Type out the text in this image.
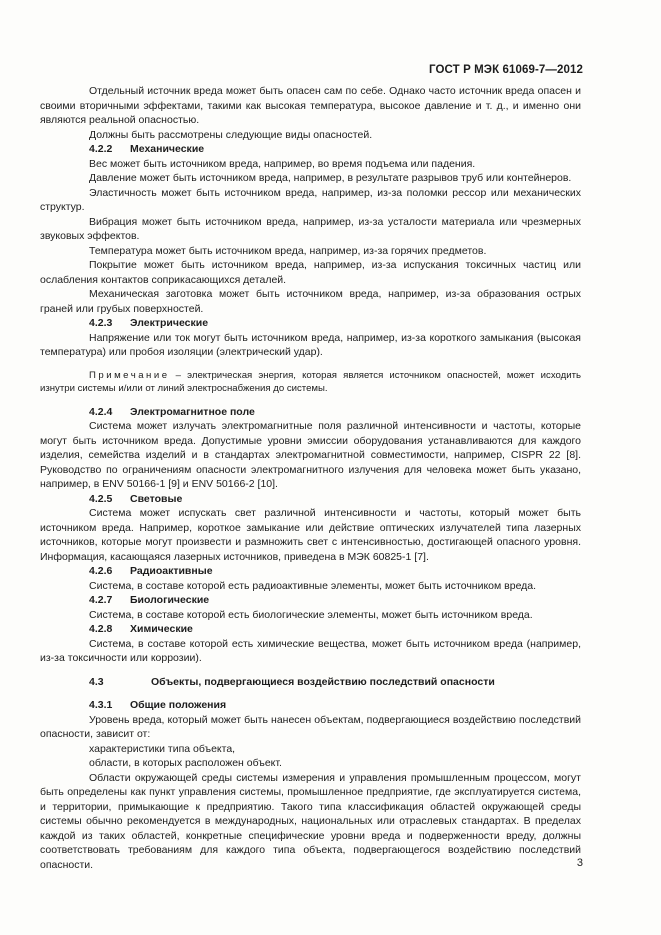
ГОСТ Р МЭК 61069-7—2012

Отдельный источник вреда может быть опасен сам по себе. Однако часто источник вреда опасен и своими вторичными эффектами, такими как высокая температура, высокое давление и т. д., и именно они являются реальной опасностью.

Должны быть рассмотрены следующие виды опасностей.

4.2.2 Механические

Вес может быть источником вреда, например, во время подъема или падения.

Давление может быть источником вреда, например, в результате разрывов труб или контейнеров.

Эластичность может быть источником вреда, например, из-за поломки рессор или механических структур.

Вибрация может быть источником вреда, например, из-за усталости материала или чрезмерных звуковых эффектов.

Температура может быть источником вреда, например, из-за горячих предметов.

Покрытие может быть источником вреда, например, из-за испускания токсичных частиц или ослабления контактов соприкасающихся деталей.

Механическая заготовка может быть источником вреда, например, из-за образования острых граней или грубых поверхностей.

4.2.3 Электрические

Напряжение или ток могут быть источником вреда, например, из-за короткого замыкания (высокая температура) или пробоя изоляции (электрический удар).

Примечание – электрическая энергия, которая является источником опасностей, может исходить изнутри системы и/или от линий электроснабжения до системы.

4.2.4 Электромагнитное поле

Система может излучать электромагнитные поля различной интенсивности и частоты, которые могут быть источником вреда. Допустимые уровни эмиссии оборудования устанавливаются для каждого изделия, семейства изделий и в стандартах электромагнитной совместимости, например, CISPR 22 [8]. Руководство по ограничениям опасности электромагнитного излучения для человека может быть указано, например, в ENV 50166-1 [9] и ENV 50166-2 [10].

4.2.5 Световые

Система может испускать свет различной интенсивности и частоты, который может быть источником вреда. Например, короткое замыкание или действие оптических излучателей типа лазерных источников, которые могут произвести и размножить свет с интенсивностью, достигающей опасного уровня. Информация, касающаяся лазерных источников, приведена в МЭК 60825-1 [7].

4.2.6 Радиоактивные

Система, в составе которой есть радиоактивные элементы, может быть источником вреда.

4.2.7 Биологические

Система, в составе которой есть биологические элементы, может быть источником вреда.

4.2.8 Химические

Система, в составе которой есть химические вещества, может быть источником вреда (например, из-за токсичности или коррозии).

4.3	Объекты, подвергающиеся воздействию последствий опасности
4.3.1 Общие положения

Уровень вреда, который может быть нанесен объектам, подвергающиеся воздействию последствий опасности, зависит от:

характеристики типа объекта,

области, в которых расположен объект.

Области окружающей среды системы измерения и управления промышленным процессом, могут быть определены как пункт управления системы, промышленное предприятие, где эксплуатируется система, и территории, примыкающие к предприятию. Такого типа классификация областей окружающей среды системы обычно рекомендуется в международных, национальных или отраслевых стандартах. В пределах каждой из таких областей, конкретные специфические уровни вреда и подверженности вреду, должны соответствовать требованиям для каждого типа объекта, подвергающегося воздействию последствий опасности.	3
